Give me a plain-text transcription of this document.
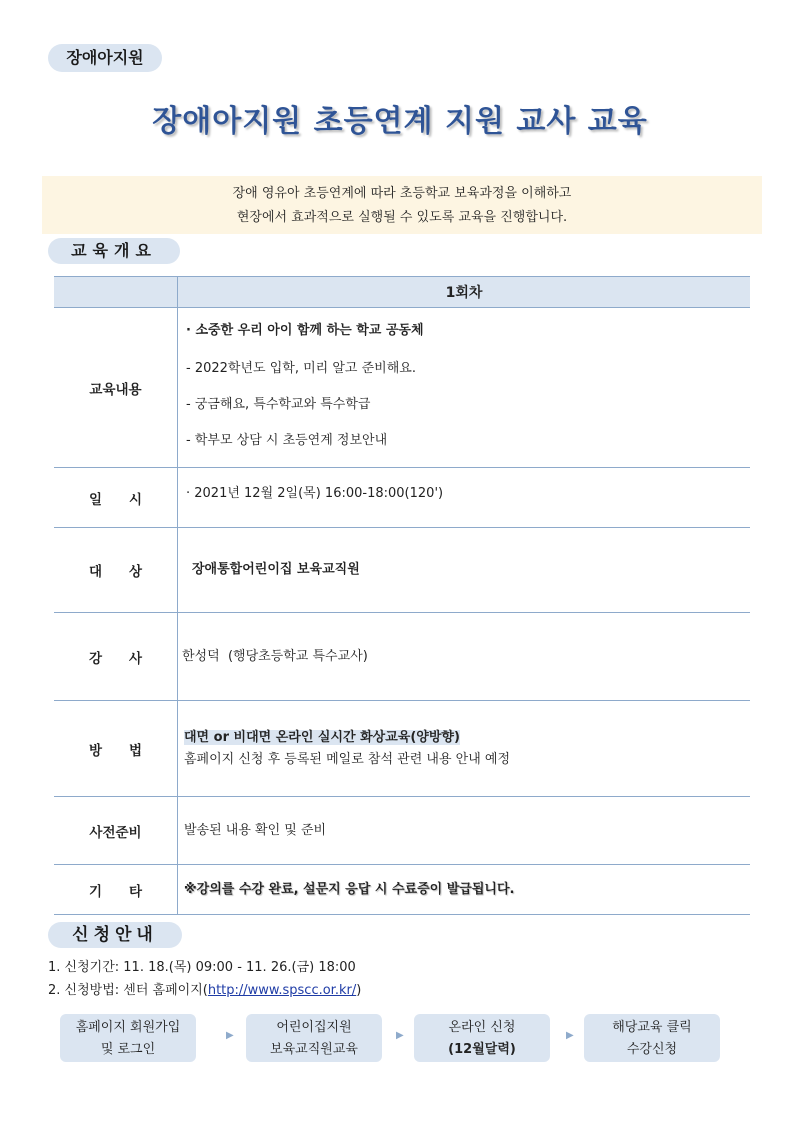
장애아지원
장애아지원 초등연계 지원 교사 교육
장애 영유아 초등연계에 따라 초등학교 보육과정을 이해하고
현장에서 효과적으로 실행될 수 있도록 교육을 진행합니다.
교육개요
	1회차
교육내용	· 소중한 우리 아이 함께 하는 학교 공동체
- 2022학년도 입학, 미리 알고 준비해요.
- 궁금해요, 특수학교와 특수학급
- 학부모 상담 시 초등연계 정보안내

일　　시	· 2021년 12월 2일(목) 16:00-18:00(120')

대　　상	장애통합어린이집 보육교직원

강　　사	한성덕  (행당초등학교 특수교사)

방　　법	대면 or 비대면 온라인 실시간 화상교육(양방향)
홈페이지 신청 후 등록된 메일로 참석 관련 내용 안내 예정

사전준비	발송된 내용 확인 및 준비

기　　타	※강의를 수강 완료, 설문지 응답 시 수료증이 발급됩니다.
신청안내
1. 신청기간: 11. 18.(목) 09:00 - 11. 26.(금) 18:00
2. 신청방법: 센터 홈페이지(http://www.spscc.or.kr/)
홈페이지 회원가입
및 로그인
▶
어린이집지원
보육교직원교육
▶
온라인 신청
(12월달력)
▶
해당교육 클릭
수강신청
